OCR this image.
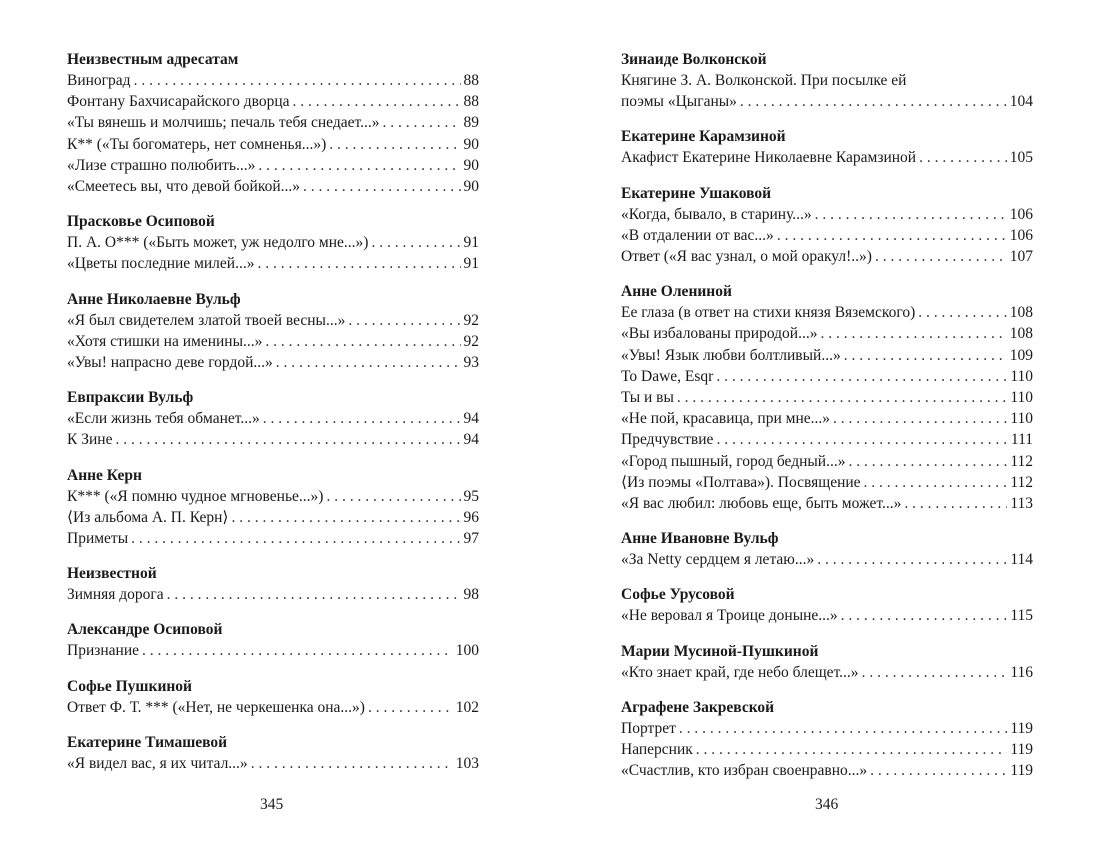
Неизвестным адресатам
Виноград . . .	88
Фонтану Бахчисарайского дворца . . .	88
«Ты вянешь и молчишь; печаль тебя снедает...» . . .	89
К** («Ты богоматерь, нет сомненья...») . . .	90
«Лизе страшно полюбить...» . . .	90
«Смеетесь вы, что девой бойкой...» . . .	90
Прасковье Осиповой
П. А. О*** («Быть может, уж недолго мне...») . . .	91
«Цветы последние милей...» . . .	91
Анне Николаевне Вульф
«Я был свидетелем златой твоей весны...» . . .	92
«Хотя стишки на именины...» . . .	92
«Увы! напрасно деве гордой...» . . .	93
Евпраксии Вульф
«Если жизнь тебя обманет...» . . .	94
К Зине . . .	94
Анне Керн
К*** («Я помню чудное мгновенье...») . . .	95
⟨Из альбома А. П. Керн⟩ . . .	96
Приметы . . .	97
Неизвестной
Зимняя дорога . . .	98
Александре Осиповой
Признание . . .	100
Софье Пушкиной
Ответ Ф. Т. *** («Нет, не черкешенка она...») . . .	102
Екатерине Тимашевой
«Я видел вас, я их читал...» . . .	103
Зинаиде Волконской
Княгине З. А. Волконской. При посылке ей
поэмы «Цыганы» . . .	104
Екатерине Карамзиной
Акафист Екатерине Николаевне Карамзиной . . .	105
Екатерине Ушаковой
«Когда, бывало, в старину...» . . .	106
«В отдалении от вас...» . . .	106
Ответ («Я вас узнал, о мой оракул!..») . . .	107
Анне Олениной
Ее глаза (в ответ на стихи князя Вяземского) . . .	108
«Вы избалованы природой...» . . .	108
«Увы! Язык любви болтливый...» . . .	109
To Dawe, Esqr . . .	110
Ты и вы . . .	110
«Не пой, красавица, при мне...» . . .	110
Предчувствие . . .	111
«Город пышный, город бедный...» . . .	112
⟨Из поэмы «Полтава»). Посвящение . . .	112
«Я вас любил: любовь еще, быть может...» . . .	113
Анне Ивановне Вульф
«За Netty сердцем я летаю...» . . .	114
Софье Урусовой
«Не веровал я Троице доныне...» . . .	115
Марии Мусиной-Пушкиной
«Кто знает край, где небо блещет...» . . .	116
Аграфене Закревской
Портрет . . .	119
Наперсник . . .	119
«Счастлив, кто избран своенравно...» . . .	119
345	346
